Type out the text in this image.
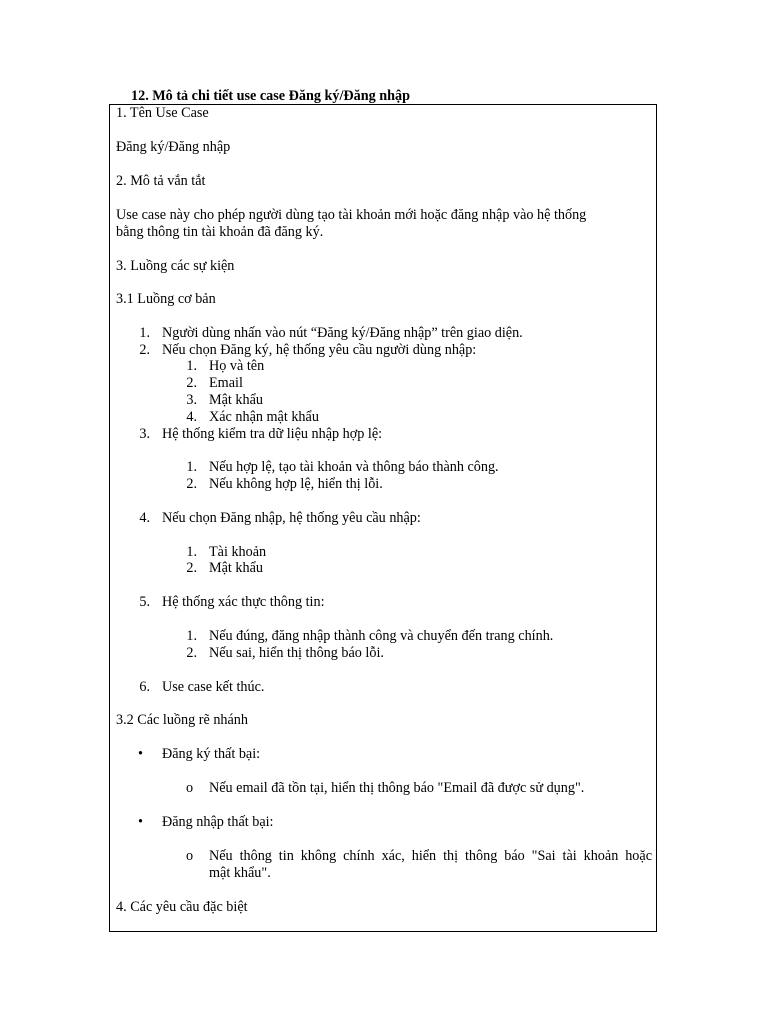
12. Mô tả chi tiết use case Đăng ký/Đăng nhập

1. Tên Use Case

Đăng ký/Đăng nhập

2. Mô tả vắn tắt

Use case này cho phép người dùng tạo tài khoản mới hoặc đăng nhập vào hệ thống

bằng thông tin tài khoản đã đăng ký.

3. Luồng các sự kiện

3.1 Luồng cơ bản

1. Người dùng nhấn vào nút “Đăng ký/Đăng nhập” trên giao diện.
2. Nếu chọn Đăng ký, hệ thống yêu cầu người dùng nhập:
1. Họ và tên
2. Email
3. Mật khẩu
4. Xác nhận mật khẩu
3. Hệ thống kiểm tra dữ liệu nhập hợp lệ:
1. Nếu hợp lệ, tạo tài khoản và thông báo thành công.
2. Nếu không hợp lệ, hiển thị lỗi.
4. Nếu chọn Đăng nhập, hệ thống yêu cầu nhập:
1. Tài khoản
2. Mật khẩu
5. Hệ thống xác thực thông tin:
1. Nếu đúng, đăng nhập thành công và chuyển đến trang chính.
2. Nếu sai, hiển thị thông báo lỗi.
6. Use case kết thúc.

3.2 Các luồng rẽ nhánh

• Đăng ký thất bại:
o Nếu email đã tồn tại, hiển thị thông báo "Email đã được sử dụng".
• Đăng nhập thất bại:
o Nếu thông tin không chính xác, hiển thị thông báo "Sai tài khoản hoặc
mật khẩu".

4. Các yêu cầu đặc biệt
